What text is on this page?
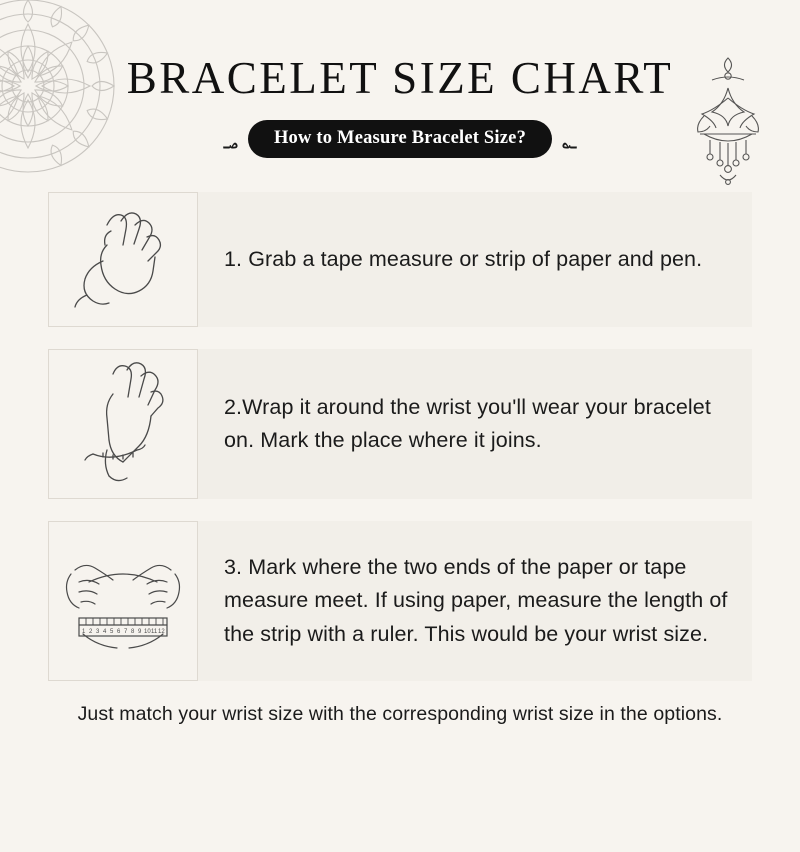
BRACELET SIZE CHART
؃	How to Measure Bracelet Size?	؃
1. Grab a tape measure or strip of paper and pen.
2.Wrap it around the wrist you'll wear your bracelet on. Mark the place where it joins.
1 2 3 4 5 6 7 8 9 10 11 12
3. Mark where the two ends of the paper or tape measure meet. If using paper, measure the length of the strip with a ruler. This would be your wrist size.
Just match your wrist size with the corresponding wrist size in the options.
